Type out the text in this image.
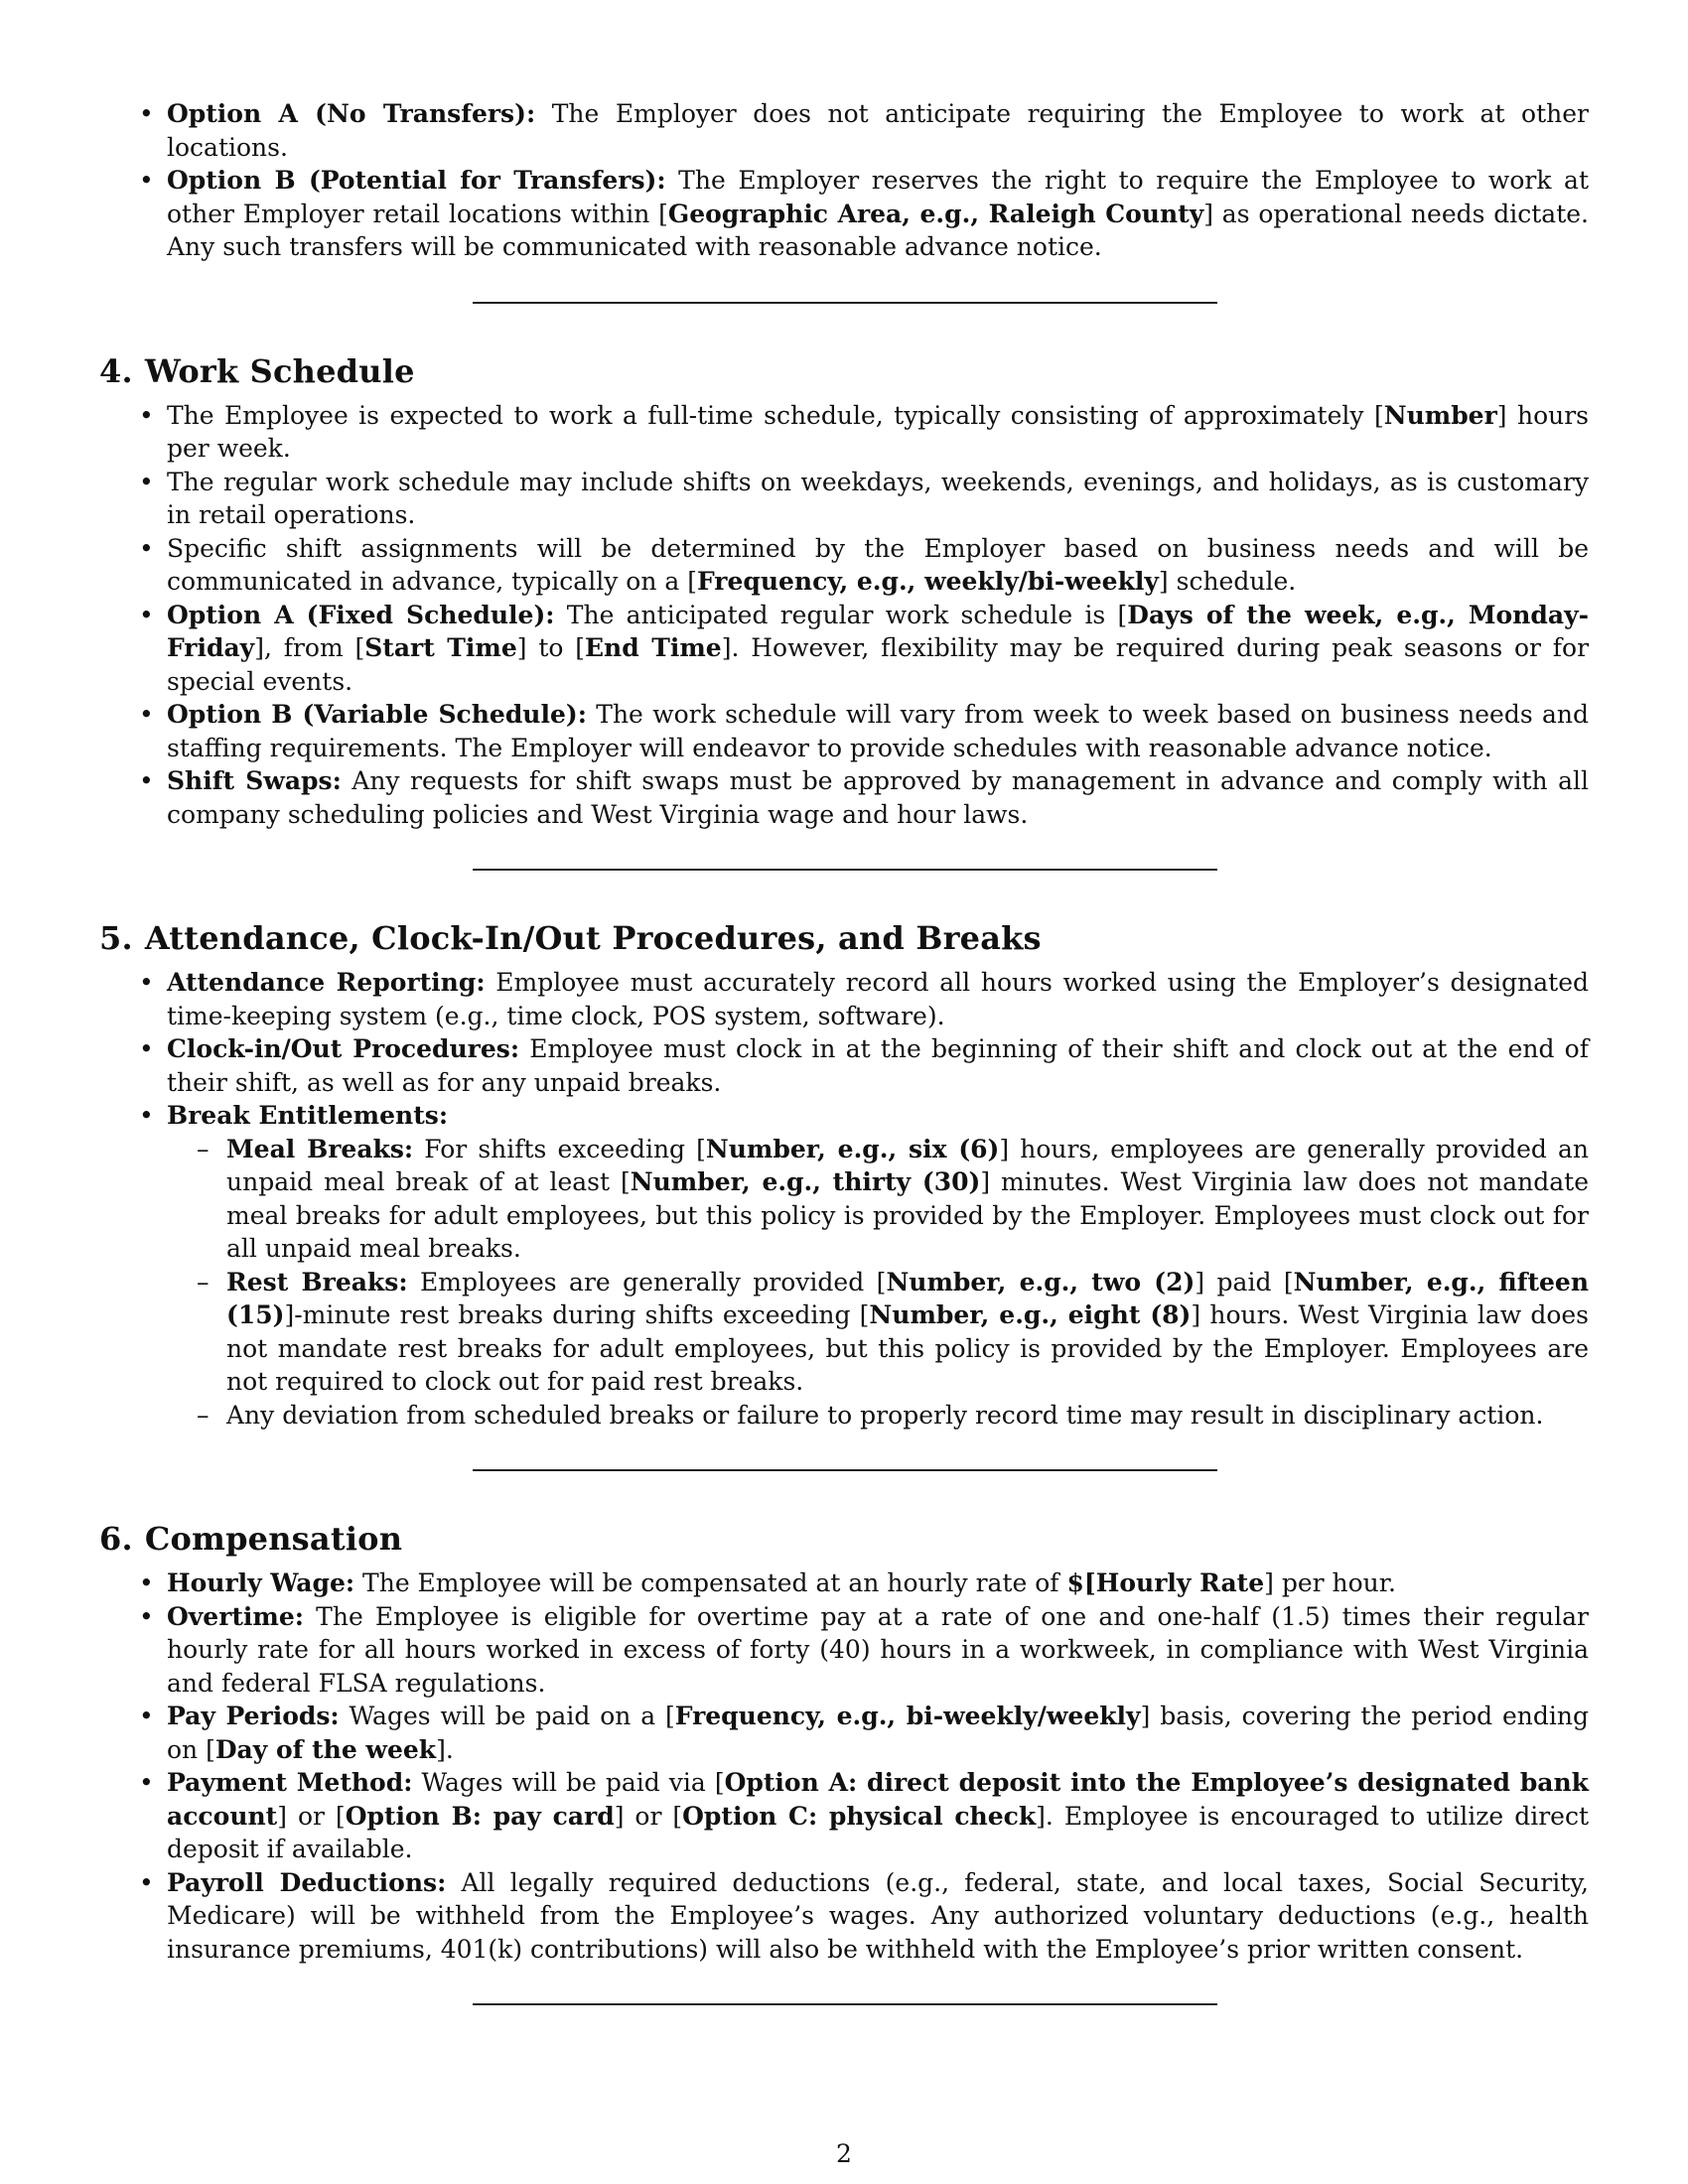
• Option A (No Transfers): The Employer does not anticipate requiring the Employee to work at other locations.
• Option B (Potential for Transfers): The Employer reserves the right to require the Employee to work at other Employer retail locations within [Geographic Area, e.g., Raleigh County] as operational needs dictate. Any such transfers will be communicated with reasonable advance notice.
4. Work Schedule
• The Employee is expected to work a full-time schedule, typically consisting of approximately [Number] hours per week.
• The regular work schedule may include shifts on weekdays, weekends, evenings, and holidays, as is customary in retail operations.
• Specific shift assignments will be determined by the Employer based on business needs and will be communicated in advance, typically on a [Frequency, e.g., weekly/bi-weekly] schedule.
• Option A (Fixed Schedule): The anticipated regular work schedule is [Days of the week, e.g., Monday-Friday], from [Start Time] to [End Time]. However, flexibility may be required during peak seasons or for special events.
• Option B (Variable Schedule): The work schedule will vary from week to week based on business needs and staffing requirements. The Employer will endeavor to provide schedules with reasonable advance notice.
• Shift Swaps: Any requests for shift swaps must be approved by management in advance and comply with all company scheduling policies and West Virginia wage and hour laws.
5. Attendance, Clock-In/Out Procedures, and Breaks
• Attendance Reporting: Employee must accurately record all hours worked using the Employer’s designated time-keeping system (e.g., time clock, POS system, software).
• Clock-in/Out Procedures: Employee must clock in at the beginning of their shift and clock out at the end of their shift, as well as for any unpaid breaks.
• Break Entitlements:
– Meal Breaks: For shifts exceeding [Number, e.g., six (6)] hours, employees are generally provided an unpaid meal break of at least [Number, e.g., thirty (30)] minutes. West Virginia law does not mandate meal breaks for adult employees, but this policy is provided by the Employer. Employees must clock out for all unpaid meal breaks.
– Rest Breaks: Employees are generally provided [Number, e.g., two (2)] paid [Number, e.g., fifteen (15)]-minute rest breaks during shifts exceeding [Number, e.g., eight (8)] hours. West Virginia law does not mandate rest breaks for adult employees, but this policy is provided by the Employer. Employees are not required to clock out for paid rest breaks.
– Any deviation from scheduled breaks or failure to properly record time may result in disciplinary action.
6. Compensation
• Hourly Wage: The Employee will be compensated at an hourly rate of $[Hourly Rate] per hour.
• Overtime: The Employee is eligible for overtime pay at a rate of one and one-half (1.5) times their regular hourly rate for all hours worked in excess of forty (40) hours in a workweek, in compliance with West Virginia and federal FLSA regulations.
• Pay Periods: Wages will be paid on a [Frequency, e.g., bi-weekly/weekly] basis, covering the period ending on [Day of the week].
• Payment Method: Wages will be paid via [Option A: direct deposit into the Employee’s designated bank account] or [Option B: pay card] or [Option C: physical check]. Employee is encouraged to utilize direct deposit if available.
• Payroll Deductions: All legally required deductions (e.g., federal, state, and local taxes, Social Security, Medicare) will be withheld from the Employee’s wages. Any authorized voluntary deductions (e.g., health insurance premiums, 401(k) contributions) will also be withheld with the Employee’s prior written consent.
2
